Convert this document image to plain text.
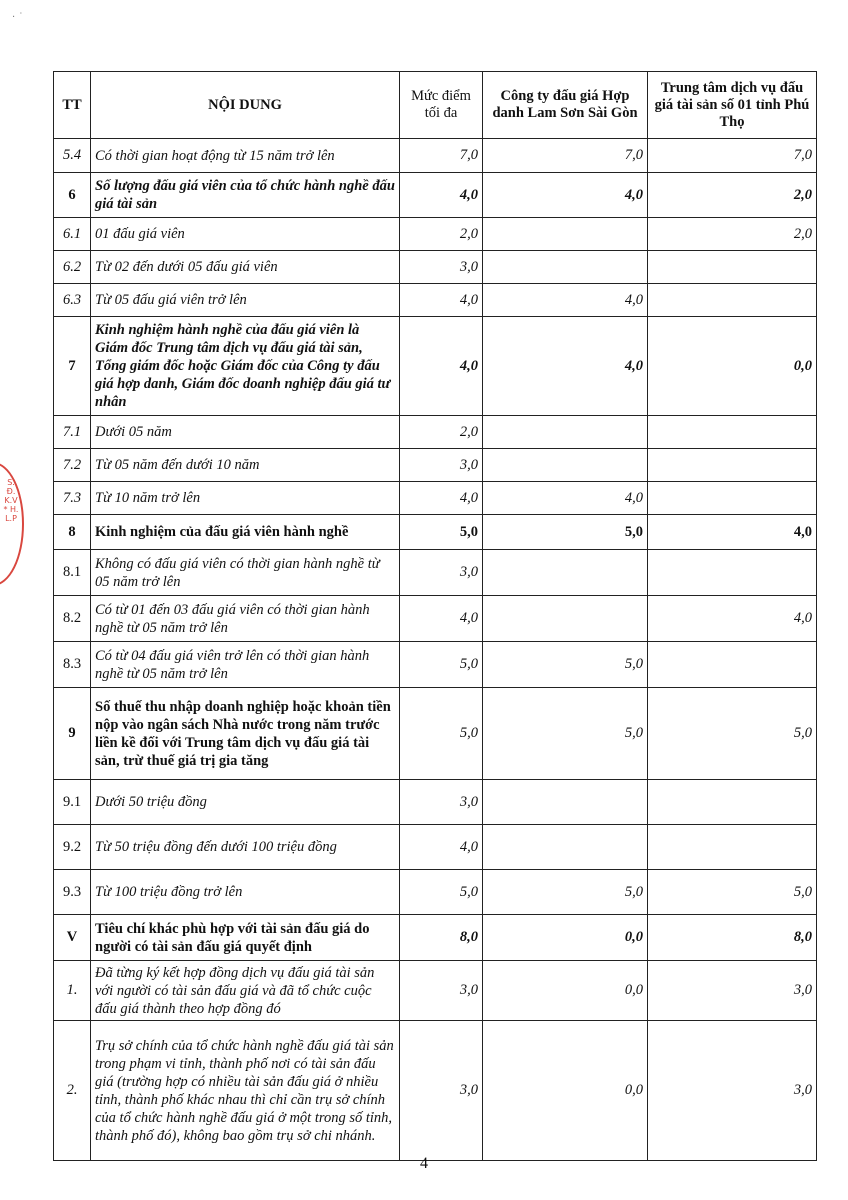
· ˙
S.Đ.K.V * H.L.P
TT	NỘI DUNG	Mức điểm tối đa	Công ty đấu giá Hợp danh Lam Sơn Sài Gòn	Trung tâm dịch vụ đấu giá tài sản số 01 tỉnh Phú Thọ
5.4	Có thời gian hoạt động từ 15 năm trở lên	7,0	7,0	7,0
6	Số lượng đấu giá viên của tổ chức hành nghề đấu giá tài sản	4,0	4,0	2,0
6.1	01 đấu giá viên	2,0		2,0
6.2	Từ 02 đến dưới 05 đấu giá viên	3,0		
6.3	Từ 05 đấu giá viên trở lên	4,0	4,0	
7	Kinh nghiệm hành nghề của đấu giá viên là Giám đốc Trung tâm dịch vụ đấu giá tài sản, Tổng giám đốc hoặc Giám đốc của Công ty đấu giá hợp danh, Giám đốc doanh nghiệp đấu giá tư nhân	4,0	4,0	0,0
7.1	Dưới 05 năm	2,0		
7.2	Từ 05 năm đến dưới 10 năm	3,0		
7.3	Từ 10 năm trở lên	4,0	4,0	
8	Kinh nghiệm của đấu giá viên hành nghề	5,0	5,0	4,0
8.1	Không có đấu giá viên có thời gian hành nghề từ 05 năm trở lên	3,0		
8.2	Có từ 01 đến 03 đấu giá viên có thời gian hành nghề từ 05 năm trở lên	4,0		4,0
8.3	Có từ 04 đấu giá viên trở lên có thời gian hành nghề từ 05 năm trở lên	5,0	5,0	
9	Số thuế thu nhập doanh nghiệp hoặc khoản tiền nộp vào ngân sách Nhà nước trong năm trước liền kề đối với Trung tâm dịch vụ đấu giá tài sản, trừ thuế giá trị gia tăng	5,0	5,0	5,0
9.1	Dưới 50 triệu đồng	3,0		
9.2	Từ 50 triệu đồng đến dưới 100 triệu đồng	4,0		
9.3	Từ 100 triệu đồng trở lên	5,0	5,0	5,0
V	Tiêu chí khác phù hợp với tài sản đấu giá do người có tài sản đấu giá quyết định	8,0	0,0	8,0
1.	Đã từng ký kết hợp đồng dịch vụ đấu giá tài sản với người có tài sản đấu giá và đã tổ chức cuộc đấu giá thành theo hợp đồng đó	3,0	0,0	3,0
2.	Trụ sở chính của tổ chức hành nghề đấu giá tài sản trong phạm vi tỉnh, thành phố nơi có tài sản đấu giá (trường hợp có nhiều tài sản đấu giá ở nhiều tỉnh, thành phố khác nhau thì chỉ cần trụ sở chính của tổ chức hành nghề đấu giá ở một trong số tỉnh, thành phố đó), không bao gồm trụ sở chi nhánh.	3,0	0,0	3,0
4
